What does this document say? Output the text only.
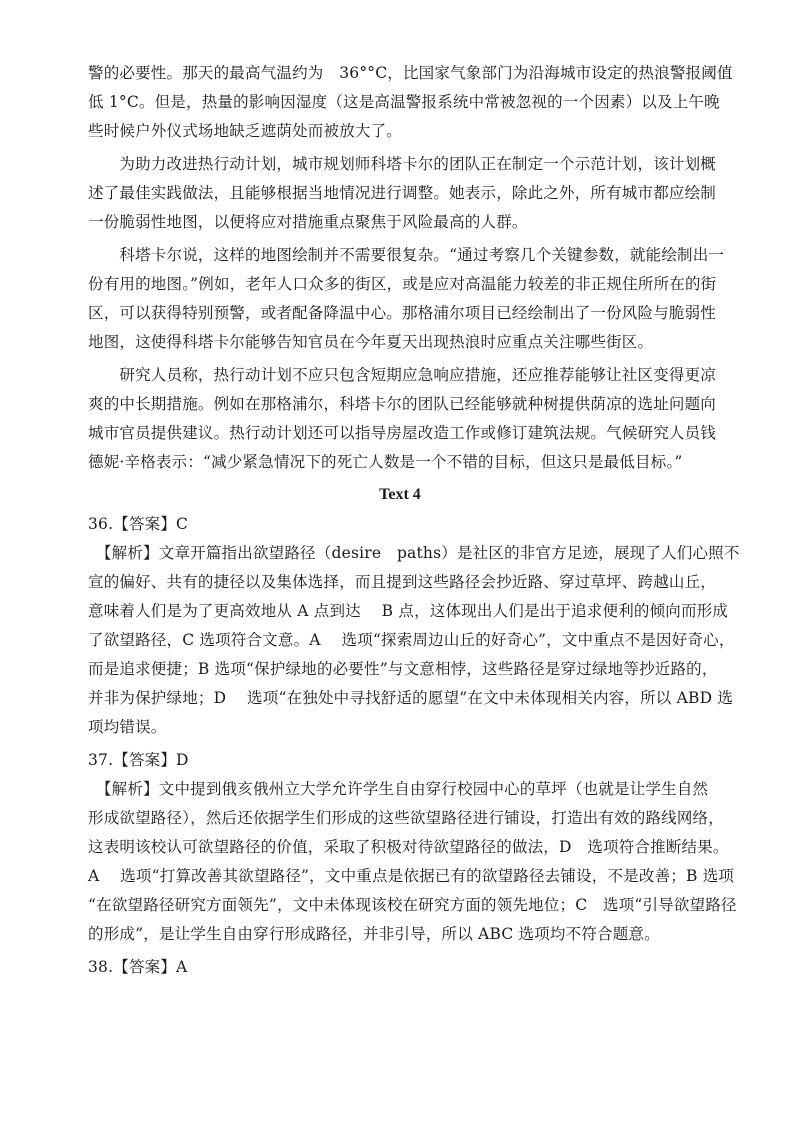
警的必要性。那天的最高气温约为　36°°C，比国家气象部门为沿海城市设定的热浪警报阈值
低 1°C。但是，热量的影响因湿度（这是高温警报系统中常被忽视的一个因素）以及上午晚
些时候户外仪式场地缺乏遮荫处而被放大了。
　　为助力改进热行动计划，城市规划师科塔卡尔的团队正在制定一个示范计划，该计划概
述了最佳实践做法，且能够根据当地情况进行调整。她表示，除此之外，所有城市都应绘制
一份脆弱性地图，以便将应对措施重点聚焦于风险最高的人群。
　　科塔卡尔说，这样的地图绘制并不需要很复杂。“通过考察几个关键参数，就能绘制出一
份有用的地图。”例如，老年人口众多的街区，或是应对高温能力较差的非正规住所所在的街
区，可以获得特别预警，或者配备降温中心。那格浦尔项目已经绘制出了一份风险与脆弱性
地图，这使得科塔卡尔能够告知官员在今年夏天出现热浪时应重点关注哪些街区。
　　研究人员称，热行动计划不应只包含短期应急响应措施，还应推荐能够让社区变得更凉
爽的中长期措施。例如在那格浦尔，科塔卡尔的团队已经能够就种树提供荫凉的选址问题向
城市官员提供建议。热行动计划还可以指导房屋改造工作或修订建筑法规。气候研究人员钱
德妮·辛格表示：“减少紧急情况下的死亡人数是一个不错的目标，但这只是最低目标。”
Text 4
36.【答案】C
　【解析】文章开篇指出欲望路径（desire　paths）是社区的非官方足迹，展现了人们心照不
宣的偏好、共有的捷径以及集体选择，而且提到这些路径会抄近路、穿过草坪、跨越山丘，
意味着人们是为了更高效地从 A 点到达　 B 点，这体现出人们是出于追求便利的倾向而形成
了欲望路径，C 选项符合文意。A　 选项“探索周边山丘的好奇心”，文中重点不是因好奇心，
而是追求便捷；B 选项“保护绿地的必要性”与文意相悖，这些路径是穿过绿地等抄近路的，
并非为保护绿地；D　 选项“在独处中寻找舒适的愿望”在文中未体现相关内容，所以 ABD 选
项均错误。
37.【答案】D
　【解析】文中提到俄亥俄州立大学允许学生自由穿行校园中心的草坪（也就是让学生自然
形成欲望路径），然后还依据学生们形成的这些欲望路径进行铺设，打造出有效的路线网络，
这表明该校认可欲望路径的价值，采取了积极对待欲望路径的做法，D　选项符合推断结果。
A　 选项“打算改善其欲望路径”，文中重点是依据已有的欲望路径去铺设，不是改善；B 选项
“在欲望路径研究方面领先”，文中未体现该校在研究方面的领先地位；C　选项“引导欲望路径
的形成”，是让学生自由穿行形成路径，并非引导，所以 ABC 选项均不符合题意。
38.【答案】A
